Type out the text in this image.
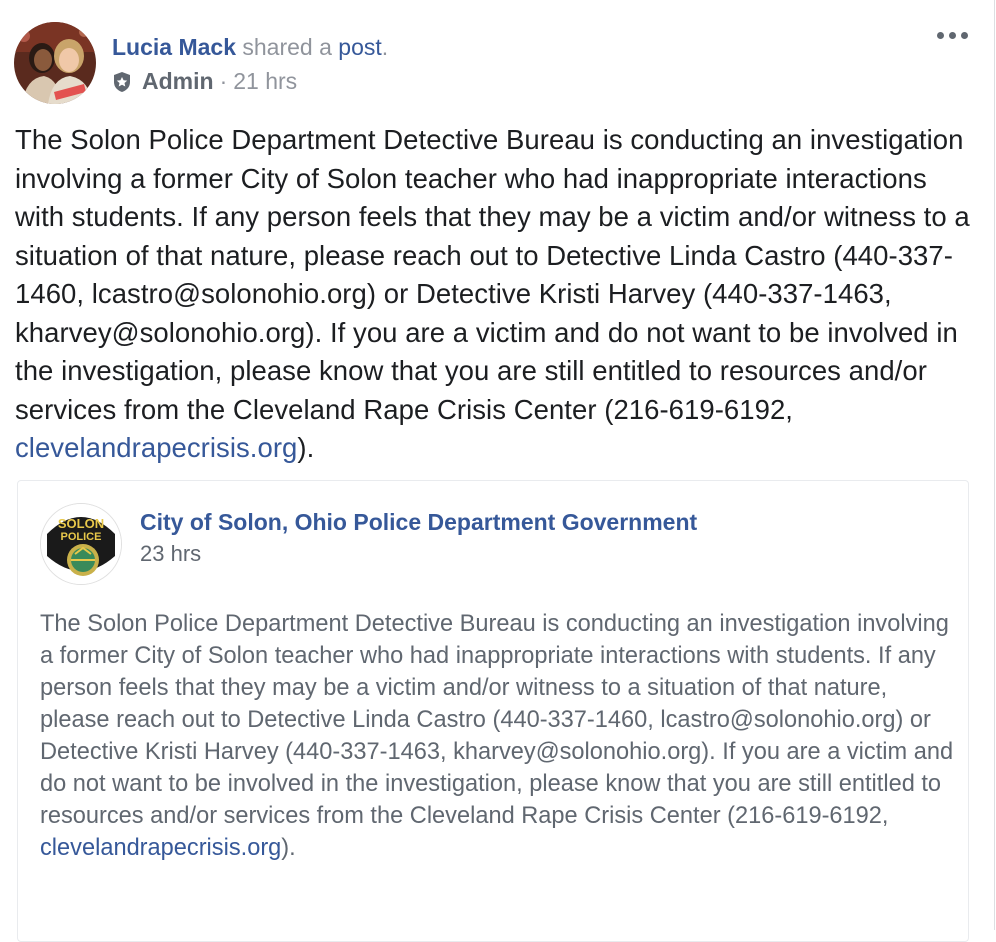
Lucia Mack shared a post.
Admin · 21 hrs
The Solon Police Department Detective Bureau is conducting an investigation involving a former City of Solon teacher who had inappropriate interactions with students. If any person feels that they may be a victim and/or witness to a situation of that nature, please reach out to Detective Linda Castro (440-337-1460, lcastro@solonohio.org) or Detective Kristi Harvey (440-337-1463, kharvey@solonohio.org). If you are a victim and do not want to be involved in the investigation, please know that you are still entitled to resources and/or services from the Cleveland Rape Crisis Center (216-619-6192, clevelandrapecrisis.org).
SOLON
POLICE
City of Solon, Ohio Police Department Government
23 hrs
The Solon Police Department Detective Bureau is conducting an investigation involving a former City of Solon teacher who had inappropriate interactions with students. If any person feels that they may be a victim and/or witness to a situation of that nature, please reach out to Detective Linda Castro (440-337-1460, lcastro@solonohio.org) or Detective Kristi Harvey (440-337-1463, kharvey@solonohio.org). If you are a victim and do not want to be involved in the investigation, please know that you are still entitled to resources and/or services from the Cleveland Rape Crisis Center (216-619-6192, clevelandrapecrisis.org).
